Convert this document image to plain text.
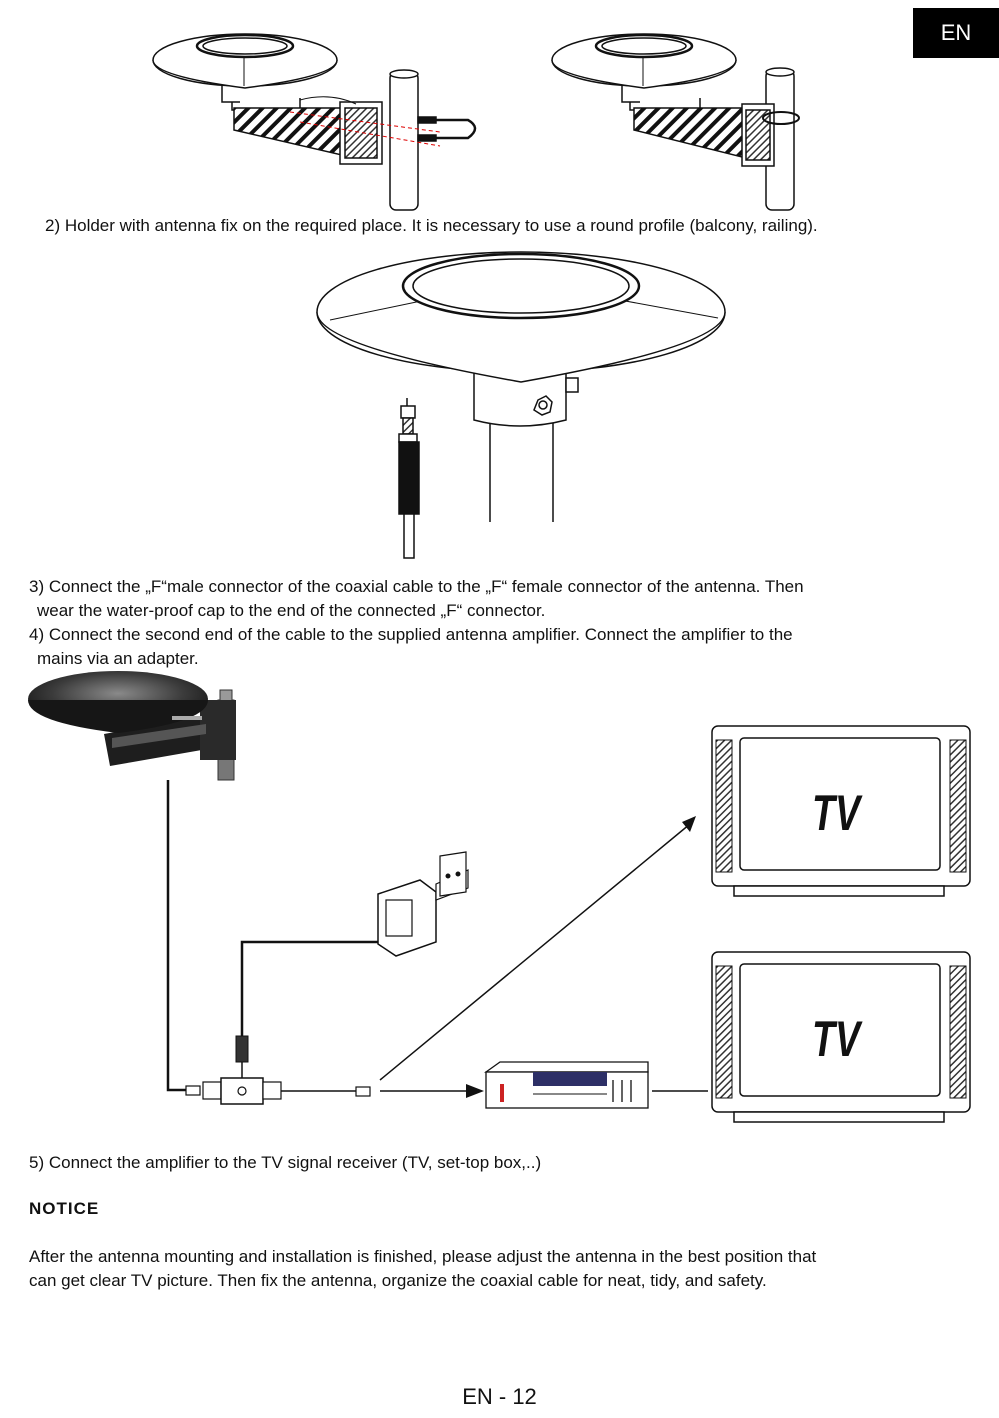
EN
TV
TV
2) Holder with antenna fix on the required place. It is necessary to use a round profile (balcony, railing).
3) Connect the „F“male connector of the coaxial cable to the „F“ female connector of the antenna. Then
wear the water-proof cap to the end of the connected „F“ connector.
4) Connect the second end of the cable to the supplied antenna amplifier. Connect the amplifier to the
mains via an adapter.
5) Connect the amplifier to the TV signal receiver (TV, set-top box,..)
NOTICE
After the antenna mounting and installation is finished, please adjust the antenna in the best position that
can get clear TV picture. Then fix the antenna, organize the coaxial cable for neat, tidy, and safety.
EN - 12
